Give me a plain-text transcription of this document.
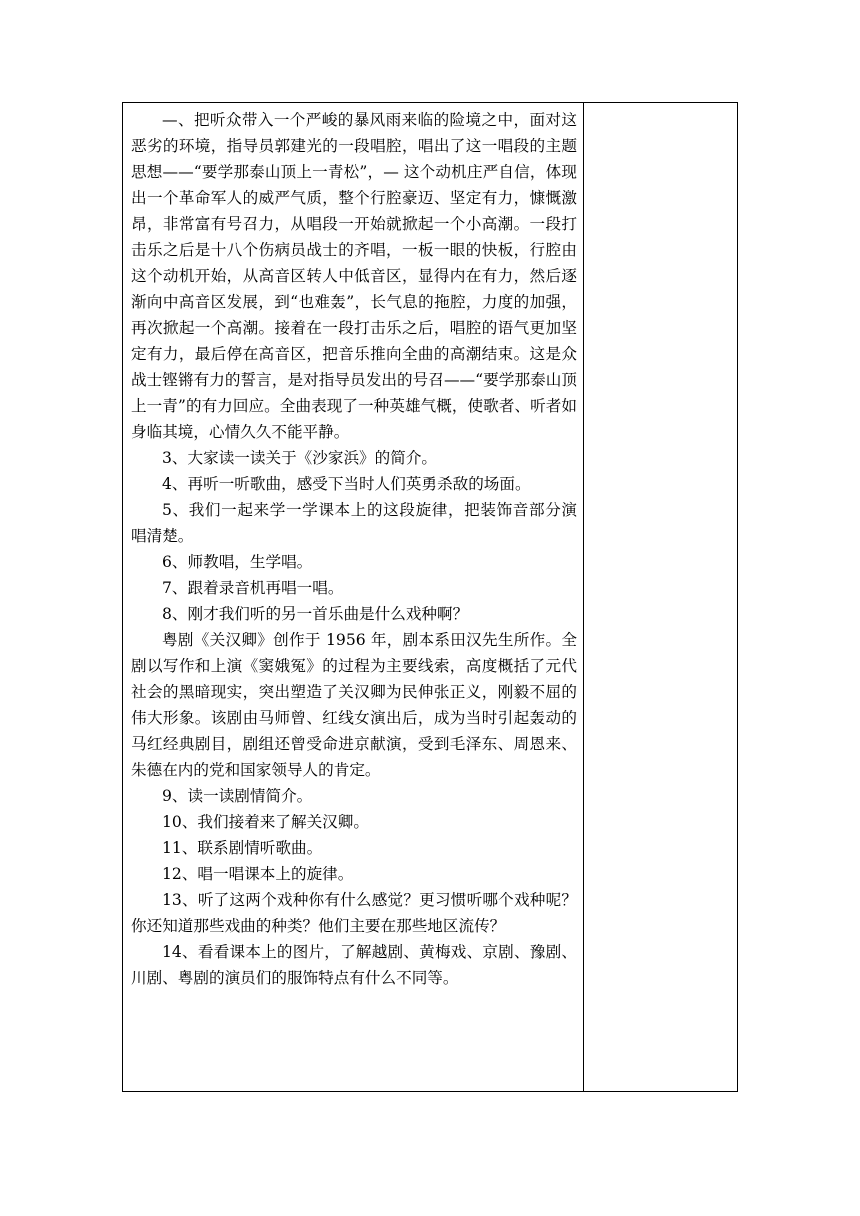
—、把听众带入一个严峻的暴风雨来临的险境之中，面对这恶劣的环境，指导员郭建光的一段唱腔，唱出了这一唱段的主题思想——“要学那泰山顶上一青松”，— 这个动机庄严自信，体现出一个革命军人的威严气质，整个行腔豪迈、坚定有力，慷慨激昂，非常富有号召力，从唱段一开始就掀起一个小高潮。一段打击乐之后是十八个伤病员战士的齐唱，一板一眼的快板，行腔由这个动机开始，从高音区转人中低音区，显得内在有力，然后逐渐向中高音区发展，到“也难轰”，长气息的拖腔，力度的加强，再次掀起一个高潮。接着在一段打击乐之后，唱腔的语气更加坚定有力，最后停在高音区，把音乐推向全曲的高潮结束。这是众战士铿锵有力的誓言，是对指导员发出的号召——“要学那泰山顶上一青”的有力回应。全曲表现了一种英雄气概，使歌者、听者如身临其境，心情久久不能平静。

3、大家读一读关于《沙家浜》的简介。

4、再听一听歌曲，感受下当时人们英勇杀敌的场面。

5、我们一起来学一学课本上的这段旋律，把装饰音部分演唱清楚。

6、师教唱，生学唱。

7、跟着录音机再唱一唱。

8、刚才我们听的另一首乐曲是什么戏种啊？

粤剧《关汉卿》创作于 1956 年，剧本系田汉先生所作。全剧以写作和上演《窦娥冤》的过程为主要线索，高度概括了元代社会的黑暗现实，突出塑造了关汉卿为民伸张正义，刚毅不屈的伟大形象。该剧由马师曾、红线女演出后，成为当时引起轰动的马红经典剧目，剧组还曾受命进京献演，受到毛泽东、周恩来、朱德在内的党和国家领导人的肯定。

9、读一读剧情简介。

10、我们接着来了解关汉卿。

11、联系剧情听歌曲。

12、唱一唱课本上的旋律。

13、听了这两个戏种你有什么感觉？更习惯听哪个戏种呢？你还知道那些戏曲的种类？他们主要在那些地区流传？

14、看看课本上的图片，了解越剧、黄梅戏、京剧、豫剧、川剧、粤剧的演员们的服饰特点有什么不同等。
